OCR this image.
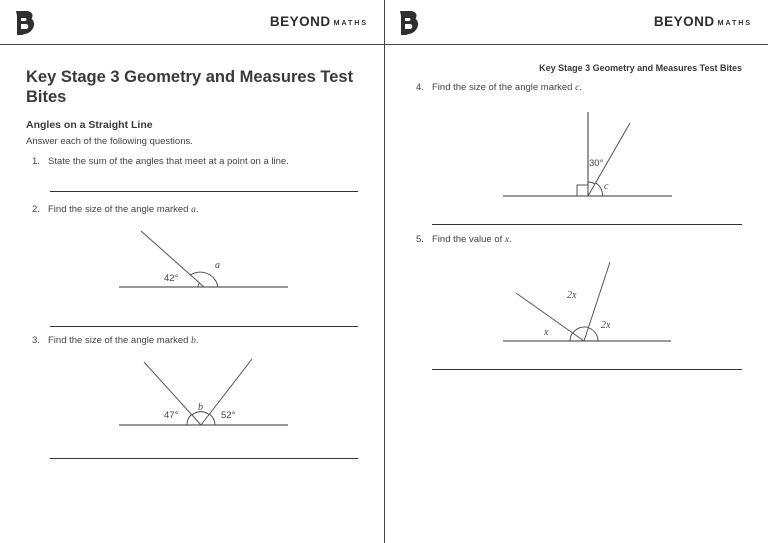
BEYOND MATHS
Key Stage 3 Geometry and Measures Test Bites
Angles on a Straight Line
Answer each of the following questions.
1. State the sum of the angles that meet at a point on a line.
2. Find the size of the angle marked a.
42°
a
3. Find the size of the angle marked b.
47°
b
52°
BEYOND MATHS
Key Stage 3 Geometry and Measures Test Bites
4. Find the size of the angle marked c.
30°
c
5. Find the value of x.
2x
x
2x
